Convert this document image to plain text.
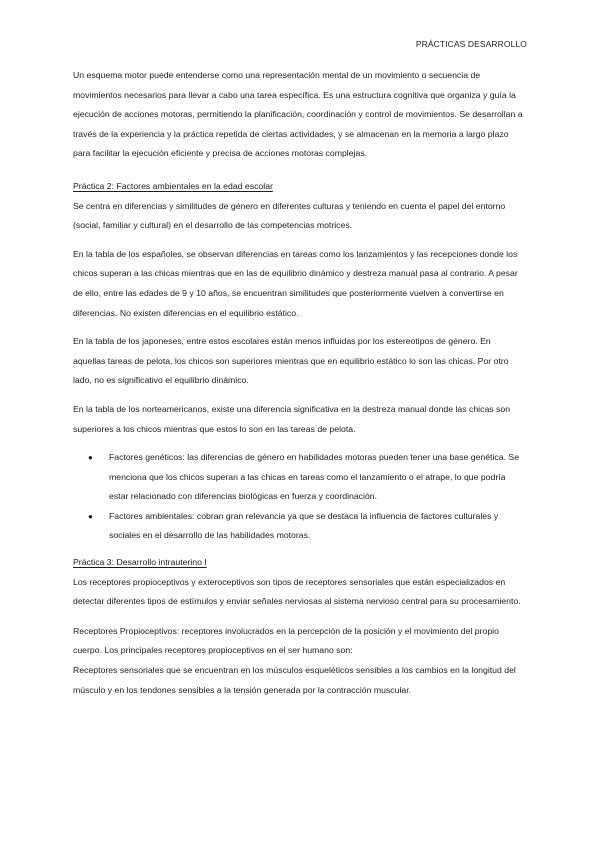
PRÁCTICAS DESARROLLO

Un esquema motor puede entenderse como una representación mental de un movimiento o secuencia de movimientos necesarios para llevar a cabo una tarea específica. Es una estructura cognitiva que organiza y guía la ejecución de acciones motoras, permitiendo la planificación, coordinación y control de movimientos. Se desarrollan a través de la experiencia y la práctica repetida de ciertas actividades, y se almacenan en la memoria a largo plazo para facilitar la ejecución eficiente y precisa de acciones motoras complejas.

Práctica 2: Factores ambientales en la edad escolar

Se centra en diferencias y similitudes de género en diferentes culturas y teniendo en cuenta el papel del entorno (social, familiar y cultural) en el desarrollo de las competencias motrices.

En la tabla de los españoles, se observan diferencias en tareas como los lanzamientos y las recepciones donde los chicos superan a las chicas mientras que en las de equilibrio dinámico y destreza manual pasa al contrario. A pesar de ello, entre las edades de 9 y 10 años, se encuentran similitudes que posteriormente vuelven a convertirse en diferencias. No existen diferencias en el equilibrio estático.

En la tabla de los japoneses, entre estos escolares están menos influidas por los estereotipos de género. En aquellas tareas de pelota, los chicos son superiores mientras que en equilibrio estático lo son las chicas. Por otro lado, no es significativo el equilibrio dinámico.

En la tabla de los norteamericanos, existe una diferencia significativa en la destreza manual donde las chicas son superiores a los chicos mientras que estos lo son en las tareas de pelota.

● Factores genéticos: las diferencias de género en habilidades motoras pueden tener una base genética. Se menciona que los chicos superan a las chicas en tareas como el lanzamiento o el atrape, lo que podría estar relacionado con diferencias biológicas en fuerza y coordinación.
● Factores ambientales: cobran gran relevancia ya que se destaca la influencia de factores culturales y sociales en el desarrollo de las habilidades motoras.
Práctica 3: Desarrollo intrauterino I

Los receptores propioceptivos y exteroceptivos son tipos de receptores sensoriales que están especializados en detectar diferentes tipos de estímulos y enviar señales nerviosas al sistema nervioso central para su procesamiento.

Receptores Propioceptivos: receptores involucrados en la percepción de la posición y el movimiento del propio cuerpo. Los principales receptores propioceptivos en el ser humano son:

Receptores sensoriales que se encuentran en los músculos esqueléticos sensibles a los cambios en la longitud del músculo y en los tendones sensibles a la tensión generada por la contracción muscular.
